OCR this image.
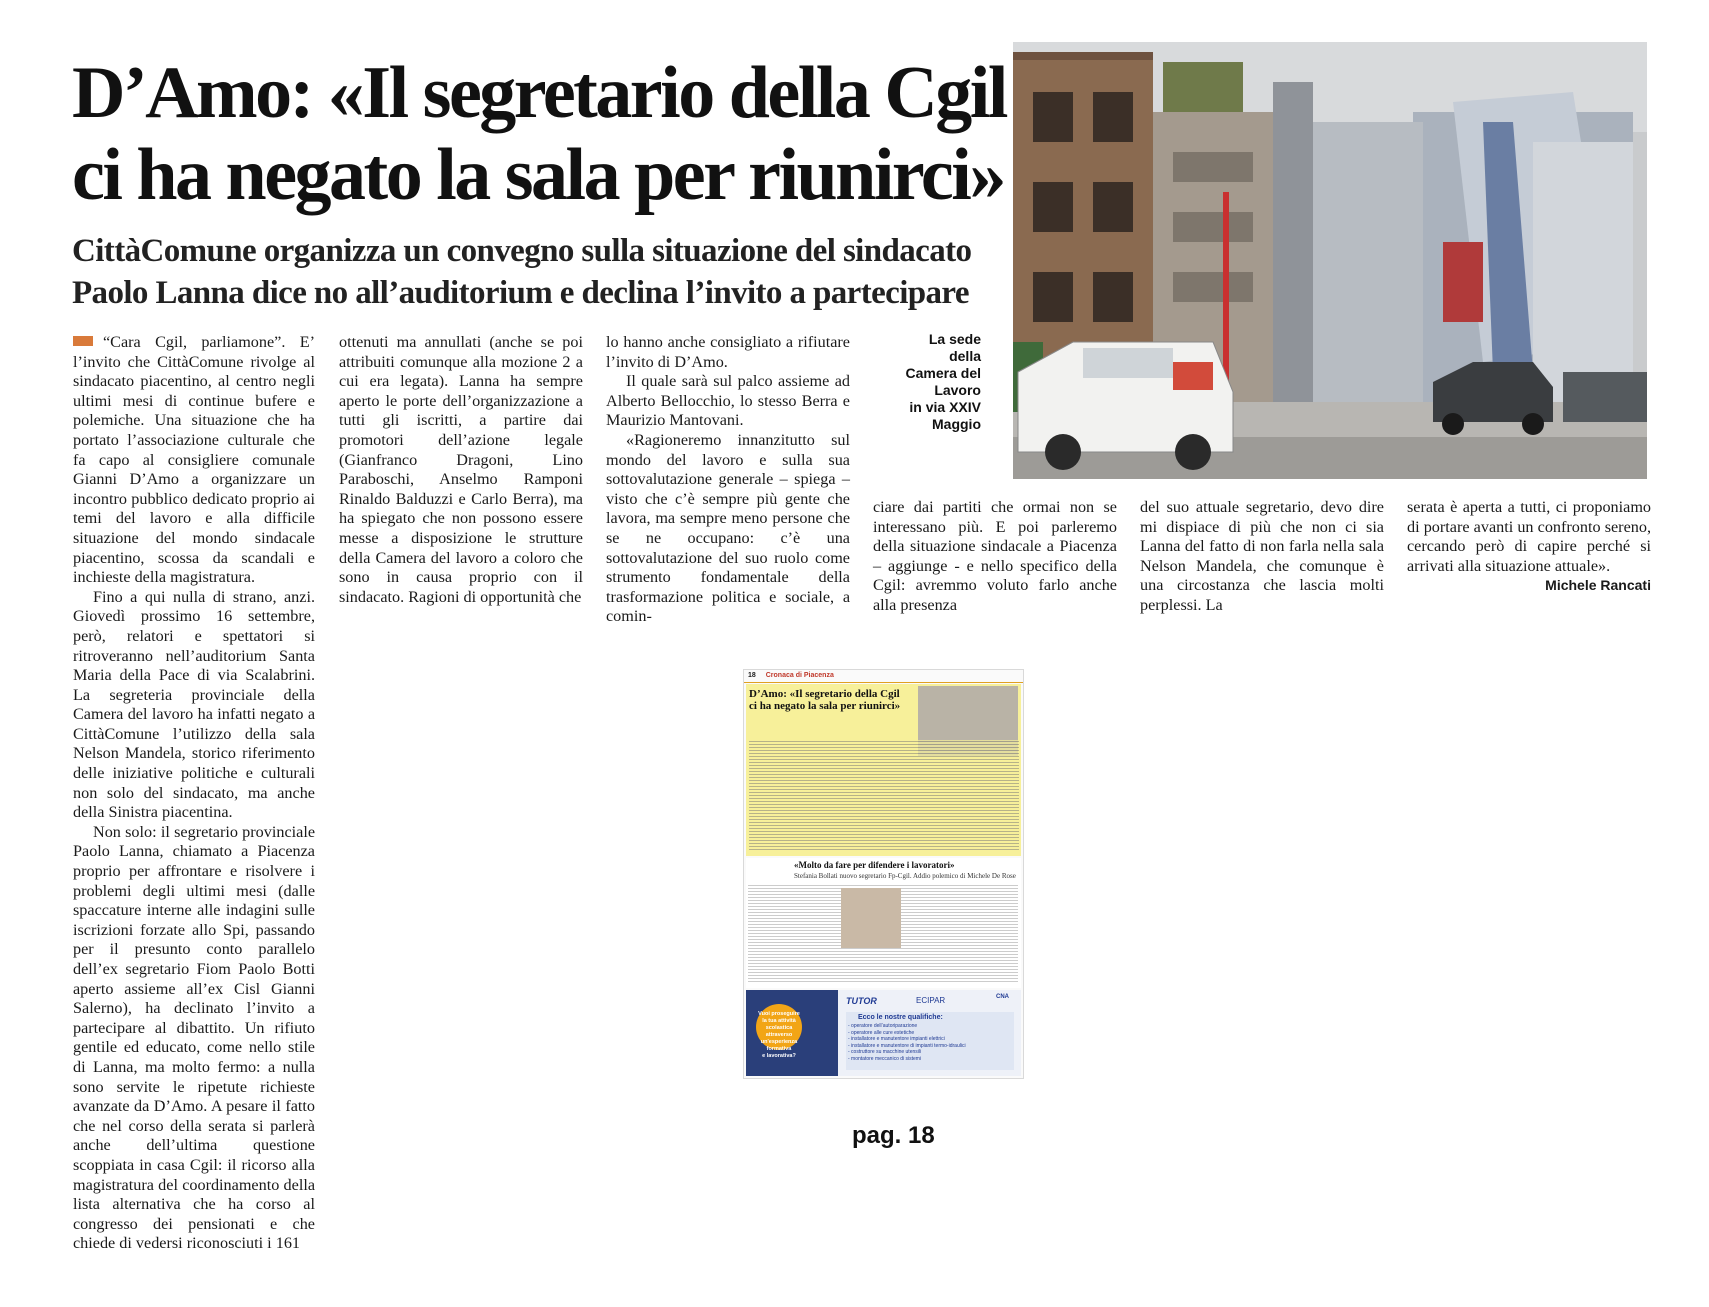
D’Amo: «Il segretario della Cgil
ci ha negato la sala per riunirci»
CittàComune organizza un convegno sulla situazione del sindacato
Paolo Lanna dice no all’auditorium e declina l’invito a partecipare
La sede
della
Camera del
Lavoro
in via XXIV
Maggio

“Cara Cgil, parliamone”. E’ l’invito che CittàComune rivolge al sindacato piacentino, al centro negli ultimi mesi di continue bufere e polemiche. Una situazione che ha portato l’associazione culturale che fa capo al consigliere comunale Gianni D’Amo a organizzare un incontro pubblico dedicato proprio ai temi del lavoro e alla difficile situazione del mondo sindacale piacentino, scossa da scandali e inchieste della magistratura.

Fino a qui nulla di strano, anzi. Giovedì prossimo 16 settembre, però, relatori e spettatori si ritroveranno nell’auditorium Santa Maria della Pace di via Scalabrini. La segreteria provinciale della Camera del lavoro ha infatti negato a CittàComune l’utilizzo della sala Nelson Mandela, storico riferimento delle iniziative politiche e culturali non solo del sindacato, ma anche della Sinistra piacentina.

Non solo: il segretario provinciale Paolo Lanna, chiamato a Piacenza proprio per affrontare e risolvere i problemi degli ultimi mesi (dalle spaccature interne alle indagini sulle iscrizioni forzate allo Spi, passando per il presunto conto parallelo dell’ex segretario Fiom Paolo Botti aperto assieme all’ex Cisl Gianni Salerno), ha declinato l’invito a partecipare al dibattito. Un rifiuto gentile ed educato, come nello stile di Lanna, ma molto fermo: a nulla sono servite le ripetute richieste avanzate da D’Amo. A pesare il fatto che nel corso della serata si parlerà anche dell’ultima questione scoppiata in casa Cgil: il ricorso alla magistratura del coordinamento della lista alternativa che ha corso al congresso dei pensionati e che chiede di vedersi riconosciuti i 161

ottenuti ma annullati (anche se poi attribuiti comunque alla mozione 2 a cui era legata). Lanna ha sempre aperto le porte dell’organizzazione a tutti gli iscritti, a partire dai promotori dell’azione legale (Gianfranco Dragoni, Lino Paraboschi, Anselmo Ramponi Rinaldo Balduzzi e Carlo Berra), ma ha spiegato che non possono essere messe a disposizione le strutture della Camera del lavoro a coloro che sono in causa proprio con il sindacato. Ragioni di opportunità che

lo hanno anche consigliato a rifiutare l’invito di D’Amo.

Il quale sarà sul palco assieme ad Alberto Bellocchio, lo stesso Berra e Maurizio Mantovani.

«Ragioneremo innanzitutto sul mondo del lavoro e sulla sua sottovalutazione generale – spiega – visto che c’è sempre più gente che lavora, ma sempre meno persone che se ne occupano: c’è una sottovalutazione del suo ruolo come strumento fondamentale della trasformazione politica e sociale, a comin-

ciare dai partiti che ormai non se interessano più. E poi parleremo della situazione sindacale a Piacenza – aggiunge - e nello specifico della Cgil: avremmo voluto farlo anche alla presenza

del suo attuale segretario, devo dire mi dispiace di più che non ci sia Lanna del fatto di non farla nella sala Nelson Mandela, che comunque è una circostanza che lascia molti perplessi. La

serata è aperta a tutti, ci proponiamo di portare avanti un confronto sereno, cercando però di capire perché si arrivati alla situazione attuale».

Michele Rancati

18 Cronaca di Piacenza
D’Amo: «Il segretario della Cgil
ci ha negato la sala per riunirci»
«Molto da fare per difendere i lavoratori»
Stefania Bollati nuovo segretario Fp-Cgil. Addio polemico di Michele De Rose
Vuoi proseguire
la tua attività scolastica
attraverso un'esperienza
formativa
e lavorativa?
TUTOR	ECIPAR	CNA
Ecco le nostre qualifiche:
- operatore dell’autoriparazione
- operatore alle cure estetiche
- installatore e manutentore impianti elettrici
- installatore e manutentore di impianti termo-idraulici
- costruttore su macchine utensili
- montatore meccanico di sistemi
pag. 18
